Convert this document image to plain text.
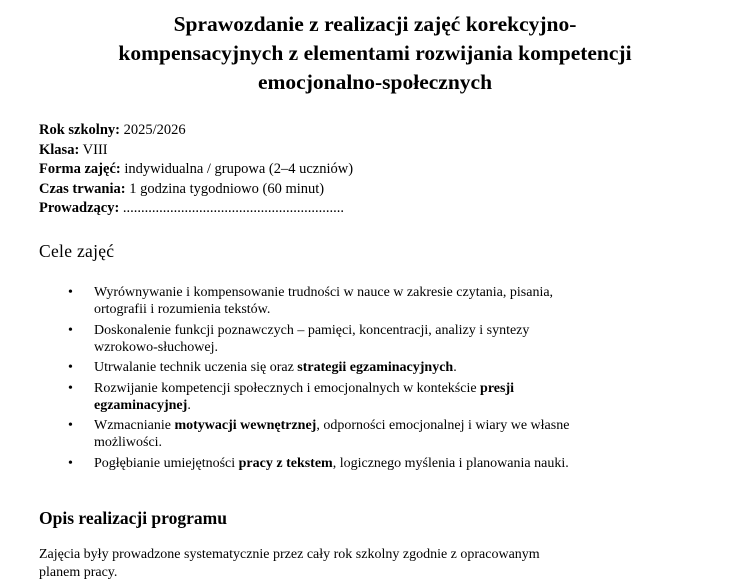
Sprawozdanie z realizacji zajęć korekcyjno-
kompensacyjnych z elementami rozwijania kompetencji
emocjonalno-społecznych
Rok szkolny: 2025/2026
Klasa: VIII
Forma zajęć: indywidualna / grupowa (2–4 uczniów)
Czas trwania: 1 godzina tygodniowo (60 minut)
Prowadzący: .............................................................
Cele zajęć
• Wyrównywanie i kompensowanie trudności w nauce w zakresie czytania, pisania,
ortografii i rozumienia tekstów.
• Doskonalenie funkcji poznawczych – pamięci, koncentracji, analizy i syntezy
wzrokowo-słuchowej.
• Utrwalanie technik uczenia się oraz strategii egzaminacyjnych.
• Rozwijanie kompetencji społecznych i emocjonalnych w kontekście presji
egzaminacyjnej.
• Wzmacnianie motywacji wewnętrznej, odporności emocjonalnej i wiary we własne
możliwości.
• Pogłębianie umiejętności pracy z tekstem, logicznego myślenia i planowania nauki.
Opis realizacji programu
Zajęcia były prowadzone systematycznie przez cały rok szkolny zgodnie z opracowanym
planem pracy.
